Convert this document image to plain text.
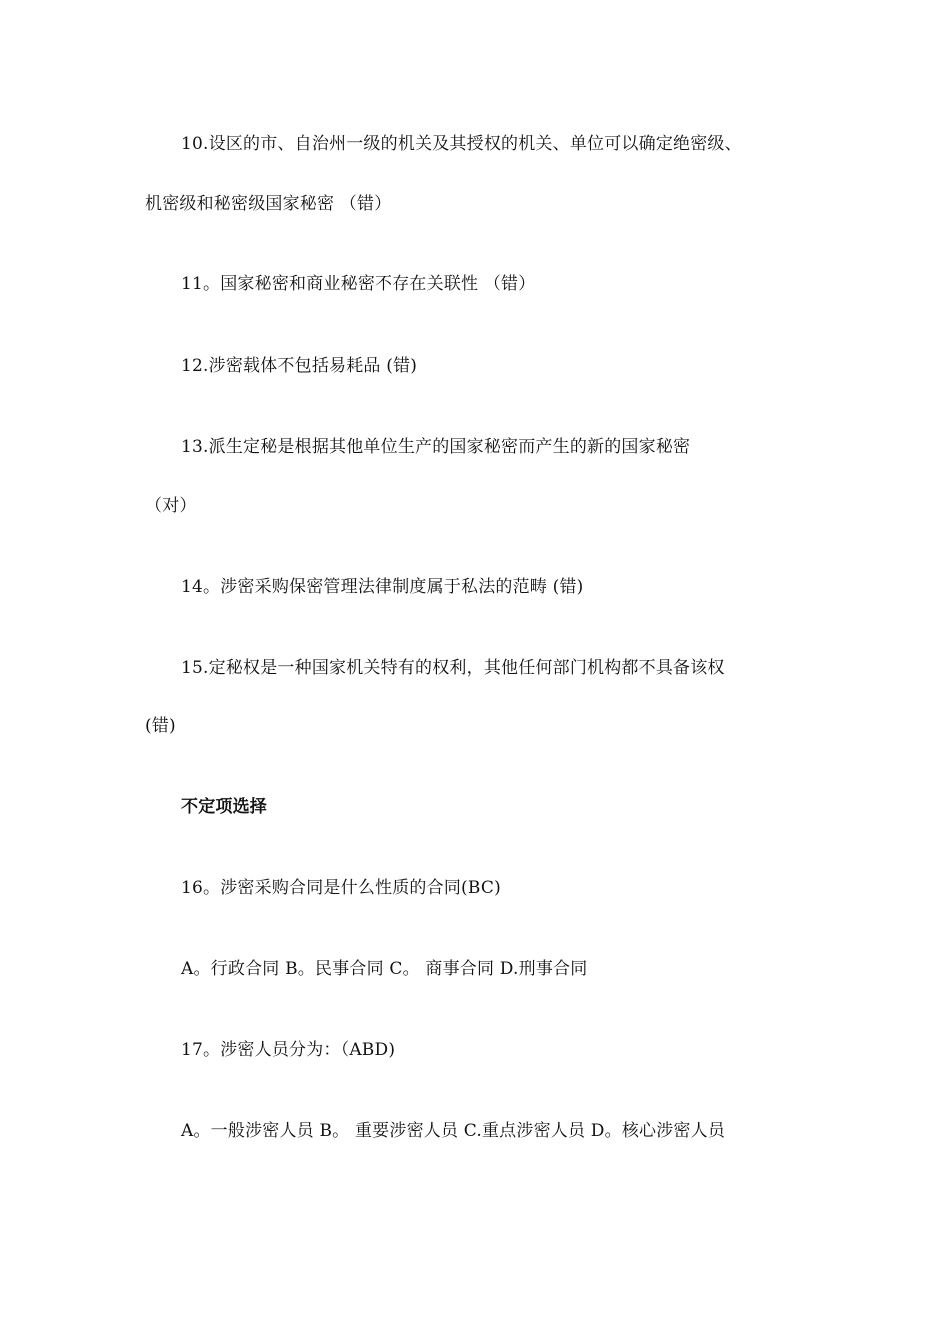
10.设区的市、自治州一级的机关及其授权的机关、单位可以确定绝密级、
机密级和秘密级国家秘密 （错）
11。国家秘密和商业秘密不存在关联性 （错）
12.涉密载体不包括易耗品 (错)
13.派生定秘是根据其他单位生产的国家秘密而产生的新的国家秘密
（对）
14。涉密采购保密管理法律制度属于私法的范畴 (错)
15.定秘权是一种国家机关特有的权利，其他任何部门机构都不具备该权
(错)
不定项选择
16。涉密采购合同是什么性质的合同(BC)
A。行政合同 B。民事合同 C。 商事合同 D.刑事合同
17。涉密人员分为：（ABD)
A。一般涉密人员 B。 重要涉密人员 C.重点涉密人员 D。核心涉密人员
